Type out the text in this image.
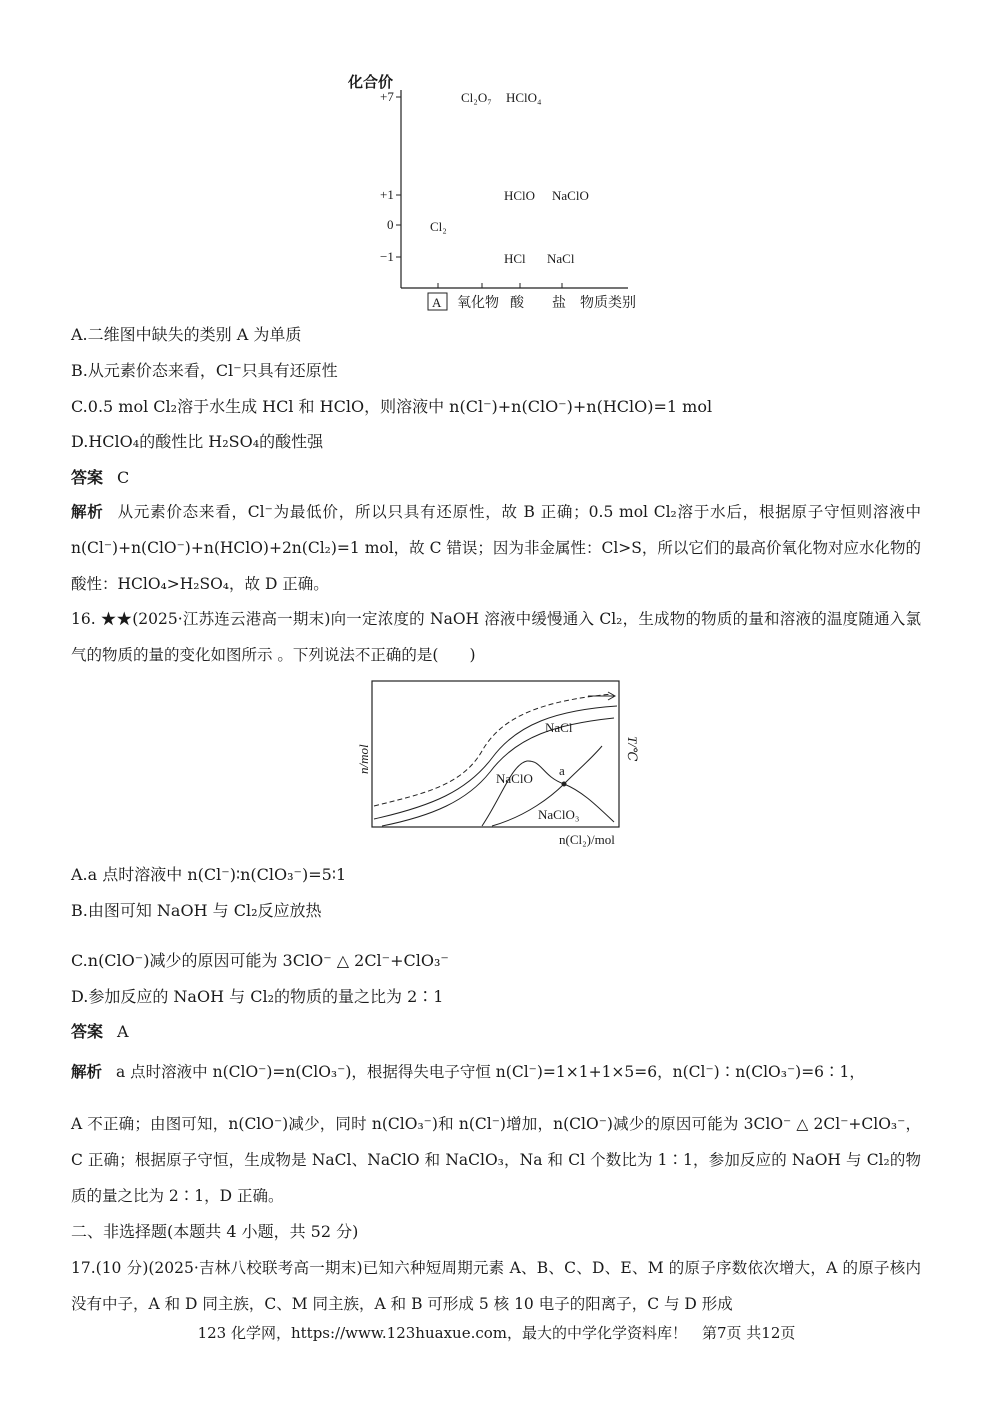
化合价
+7
+1
0
−1
Cl₂O₇ HClO₄
HClO NaClO
Cl₂
HCl NaCl
A 氧化物 酸 盐 物质类别
A.二维图中缺失的类别 A 为单质
B.从元素价态来看，Cl⁻只具有还原性
C.0.5 mol Cl₂溶于水生成 HCl 和 HClO，则溶液中 n(Cl⁻)+n(ClO⁻)+n(HClO)=1 mol
D.HClO₄的酸性比 H₂SO₄的酸性强
答案 C
解析 从元素价态来看，Cl⁻为最低价，所以只具有还原性，故 B 正确；0.5 mol Cl₂溶于水后，根据原子守恒则溶液中 n(Cl⁻)+n(ClO⁻)+n(HClO)+2n(Cl₂)=1 mol，故 C 错误；因为非金属性：Cl>S，所以它们的最高价氧化物对应水化物的酸性：HClO₄>H₂SO₄，故 D 正确。
16. ★★(2025·江苏连云港高一期末)向一定浓度的 NaOH 溶液中缓慢通入 Cl₂，生成物的物质的量和溶液的温度随通入氯气的物质的量的变化如图所示 。下列说法不正确的是(　　)
NaCl
NaClO
NaClO₃
a
n/mol	T/℃
n(Cl₂)/mol
A.a 点时溶液中 n(Cl⁻)∶n(ClO₃⁻)=5∶1
B.由图可知 NaOH 与 Cl₂反应放热
C.n(ClO⁻)减少的原因可能为 3ClO⁻ △ 2Cl⁻+ClO₃⁻
D.参加反应的 NaOH 与 Cl₂的物质的量之比为 2∶1
答案 A
解析 a 点时溶液中 n(ClO⁻)=n(ClO₃⁻)，根据得失电子守恒 n(Cl⁻)=1×1+1×5=6，n(Cl⁻)∶n(ClO₃⁻)=6∶1，
A 不正确；由图可知，n(ClO⁻)减少，同时 n(ClO₃⁻)和 n(Cl⁻)增加，n(ClO⁻)减少的原因可能为 3ClO⁻ △ 2Cl⁻+ClO₃⁻，C 正确；根据原子守恒，生成物是 NaCl、NaClO 和 NaClO₃，Na 和 Cl 个数比为 1∶1，参加反应的 NaOH 与 Cl₂的物质的量之比为 2∶1，D 正确。
二、非选择题(本题共 4 小题，共 52 分)
17.(10 分)(2025·吉林八校联考高一期末)已知六种短周期元素 A、B、C、D、E、M 的原子序数依次增大，A 的原子核内没有中子，A 和 D 同主族，C、M 同主族，A 和 B 可形成 5 核 10 电子的阳离子，C 与 D 形成
123 化学网，https://www.123huaxue.com，最大的中学化学资料库！　第7页 共12页
